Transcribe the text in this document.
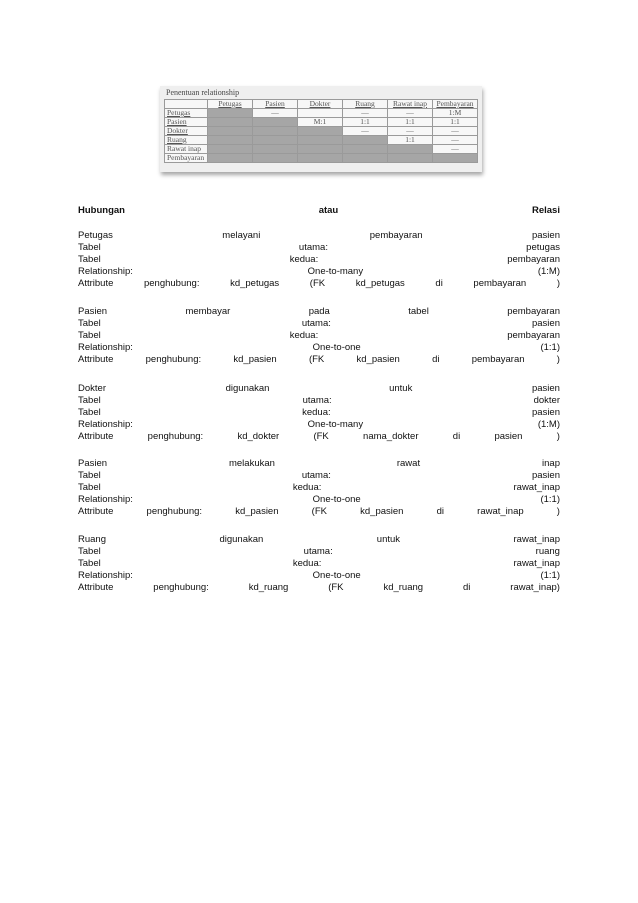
Penentuan relationship
	Petugas	Pasien	Dokter	Ruang	Rawat inap	Pembayaran
Petugas		—		—	—	1:M
Pasien			M:1	1:1	1:1	1:1
Dokter				—	—	—
Ruang					1:1	—
Rawat inap						—
Pembayaran						
Hubungan	atau	Relasi
Petugas	melayani	pembayaran	pasien
Tabel	utama:	petugas
Tabel	kedua:	pembayaran
Relationship:	One-to-many	(1:M)
Attribute	penghubung:	kd_petugas	(FK	kd_petugas	di	pembayaran	)
Pasien	membayar	pada	tabel	pembayaran
Tabel	utama:	pasien
Tabel	kedua:	pembayaran
Relationship:	One-to-one	(1:1)
Attribute	penghubung:	kd_pasien	(FK	kd_pasien	di	pembayaran	)
Dokter	digunakan	untuk	pasien
Tabel	utama:	dokter
Tabel	kedua:	pasien
Relationship:	One-to-many	(1:M)
Attribute	penghubung:	kd_dokter	(FK	nama_dokter	di	pasien	)
Pasien	melakukan	rawat	inap
Tabel	utama:	pasien
Tabel	kedua:	rawat_inap
Relationship:	One-to-one	(1:1)
Attribute	penghubung:	kd_pasien	(FK	kd_pasien	di	rawat_inap	)
Ruang	digunakan	untuk	rawat_inap
Tabel	utama:	ruang
Tabel	kedua:	rawat_inap
Relationship:	One-to-one	(1:1)
Attribute	penghubung:	kd_ruang	(FK	kd_ruang	di	rawat_inap)
